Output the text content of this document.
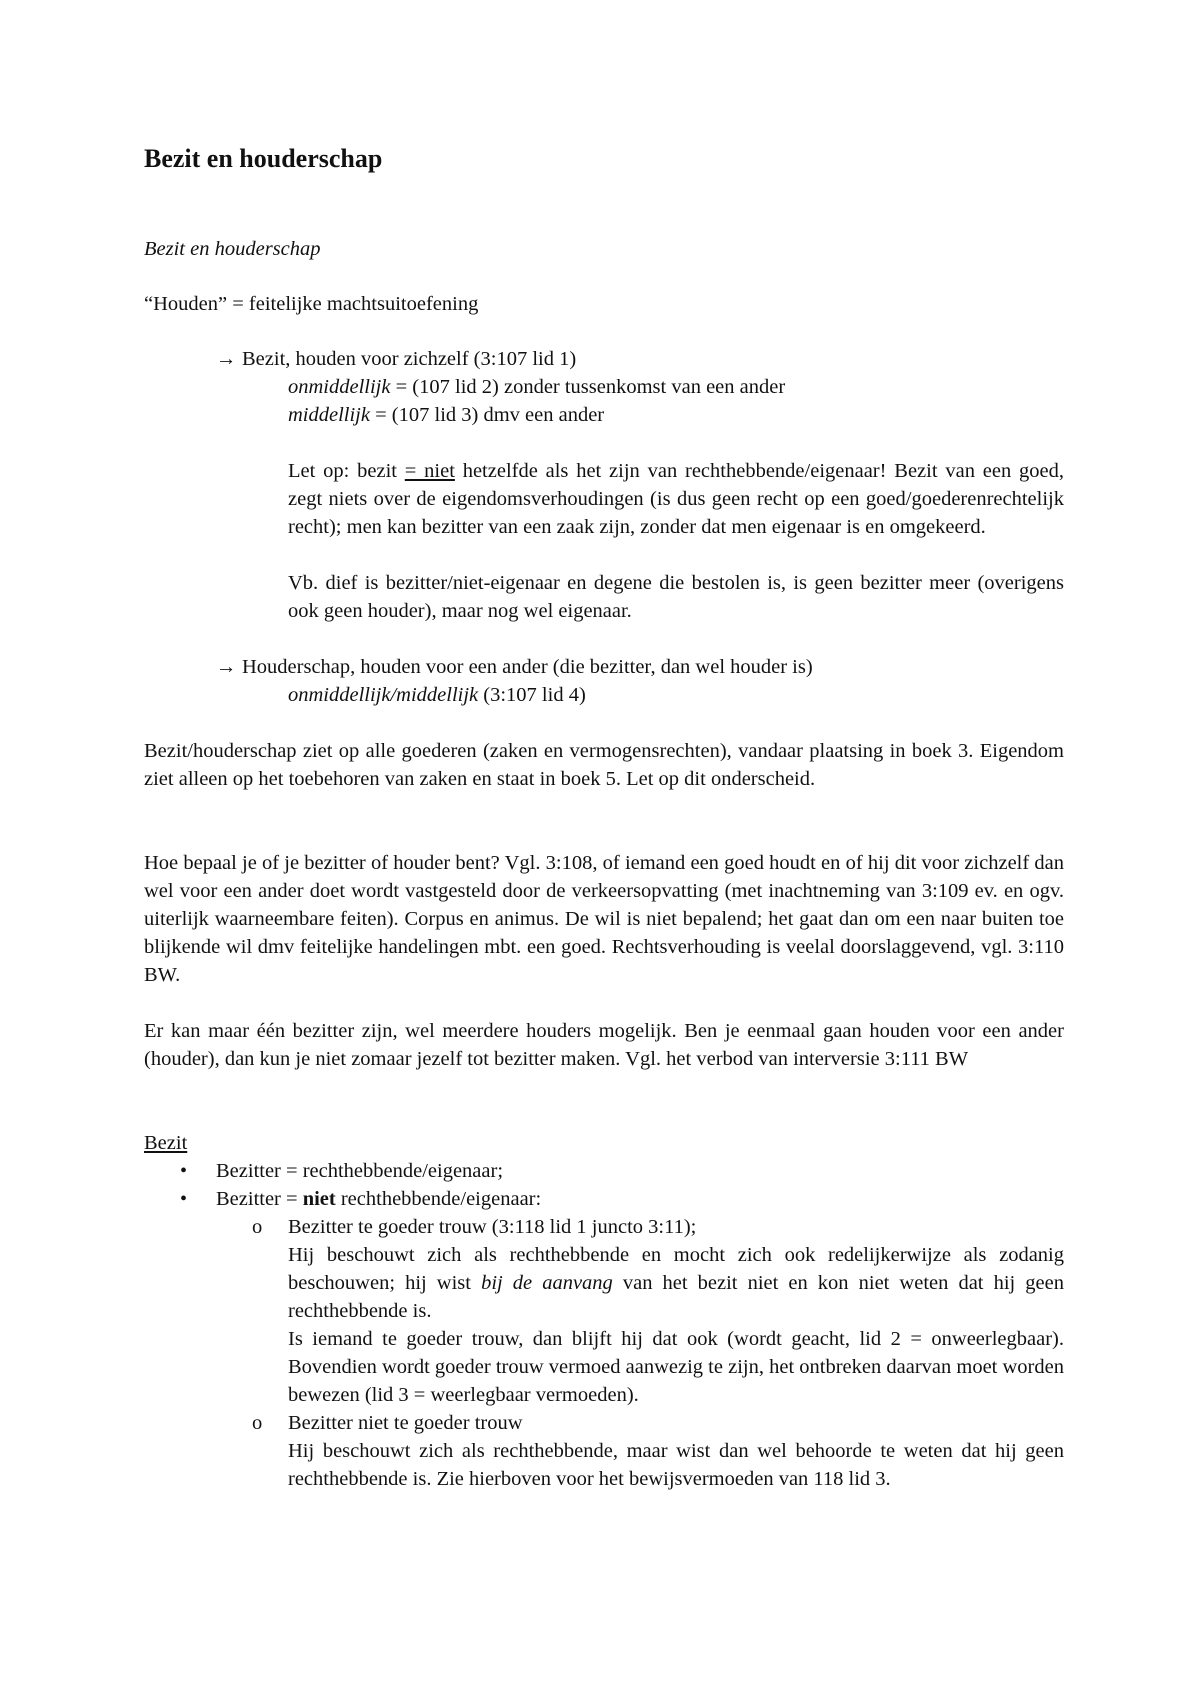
Bezit en houderschap
Bezit en houderschap
“Houden” = feitelijke machtsuitoefening
→ Bezit, houden voor zichzelf (3:107 lid 1)
onmiddellijk = (107 lid 2) zonder tussenkomst van een ander
middellijk = (107 lid 3) dmv een ander
Let op: bezit = niet hetzelfde als het zijn van rechthebbende/eigenaar! Bezit van een goed, zegt niets over de eigendomsverhoudingen (is dus geen recht op een goed/goederenrechtelijk recht); men kan bezitter van een zaak zijn, zonder dat men eigenaar is en omgekeerd.
Vb. dief is bezitter/niet-eigenaar en degene die bestolen is, is geen bezitter meer (overigens ook geen houder), maar nog wel eigenaar.
→ Houderschap, houden voor een ander (die bezitter, dan wel houder is)
onmiddellijk/middellijk (3:107 lid 4)
Bezit/houderschap ziet op alle goederen (zaken en vermogensrechten), vandaar plaatsing in boek 3. Eigendom ziet alleen op het toebehoren van zaken en staat in boek 5. Let op dit onderscheid.
Hoe bepaal je of je bezitter of houder bent? Vgl. 3:108, of iemand een goed houdt en of hij dit voor zichzelf dan wel voor een ander doet wordt vastgesteld door de verkeersopvatting (met inachtneming van 3:109 ev. en ogv. uiterlijk waarneembare feiten). Corpus en animus. De wil is niet bepalend; het gaat dan om een naar buiten toe blijkende wil dmv feitelijke handelingen mbt. een goed. Rechtsverhouding is veelal doorslaggevend, vgl. 3:110 BW.
Er kan maar één bezitter zijn, wel meerdere houders mogelijk. Ben je eenmaal gaan houden voor een ander (houder), dan kun je niet zomaar jezelf tot bezitter maken. Vgl. het verbod van interversie 3:111 BW
Bezit
• Bezitter = rechthebbende/eigenaar;
• Bezitter = niet rechthebbende/eigenaar:
o Bezitter te goeder trouw (3:118 lid 1 juncto 3:11);
Hij beschouwt zich als rechthebbende en mocht zich ook redelijkerwijze als zodanig beschouwen; hij wist bij de aanvang van het bezit niet en kon niet weten dat hij geen rechthebbende is.
Is iemand te goeder trouw, dan blijft hij dat ook (wordt geacht, lid 2 = onweerlegbaar). Bovendien wordt goeder trouw vermoed aanwezig te zijn, het ontbreken daarvan moet worden bewezen (lid 3 = weerlegbaar vermoeden).
o Bezitter niet te goeder trouw
Hij beschouwt zich als rechthebbende, maar wist dan wel behoorde te weten dat hij geen rechthebbende is. Zie hierboven voor het bewijsvermoeden van 118 lid 3.
